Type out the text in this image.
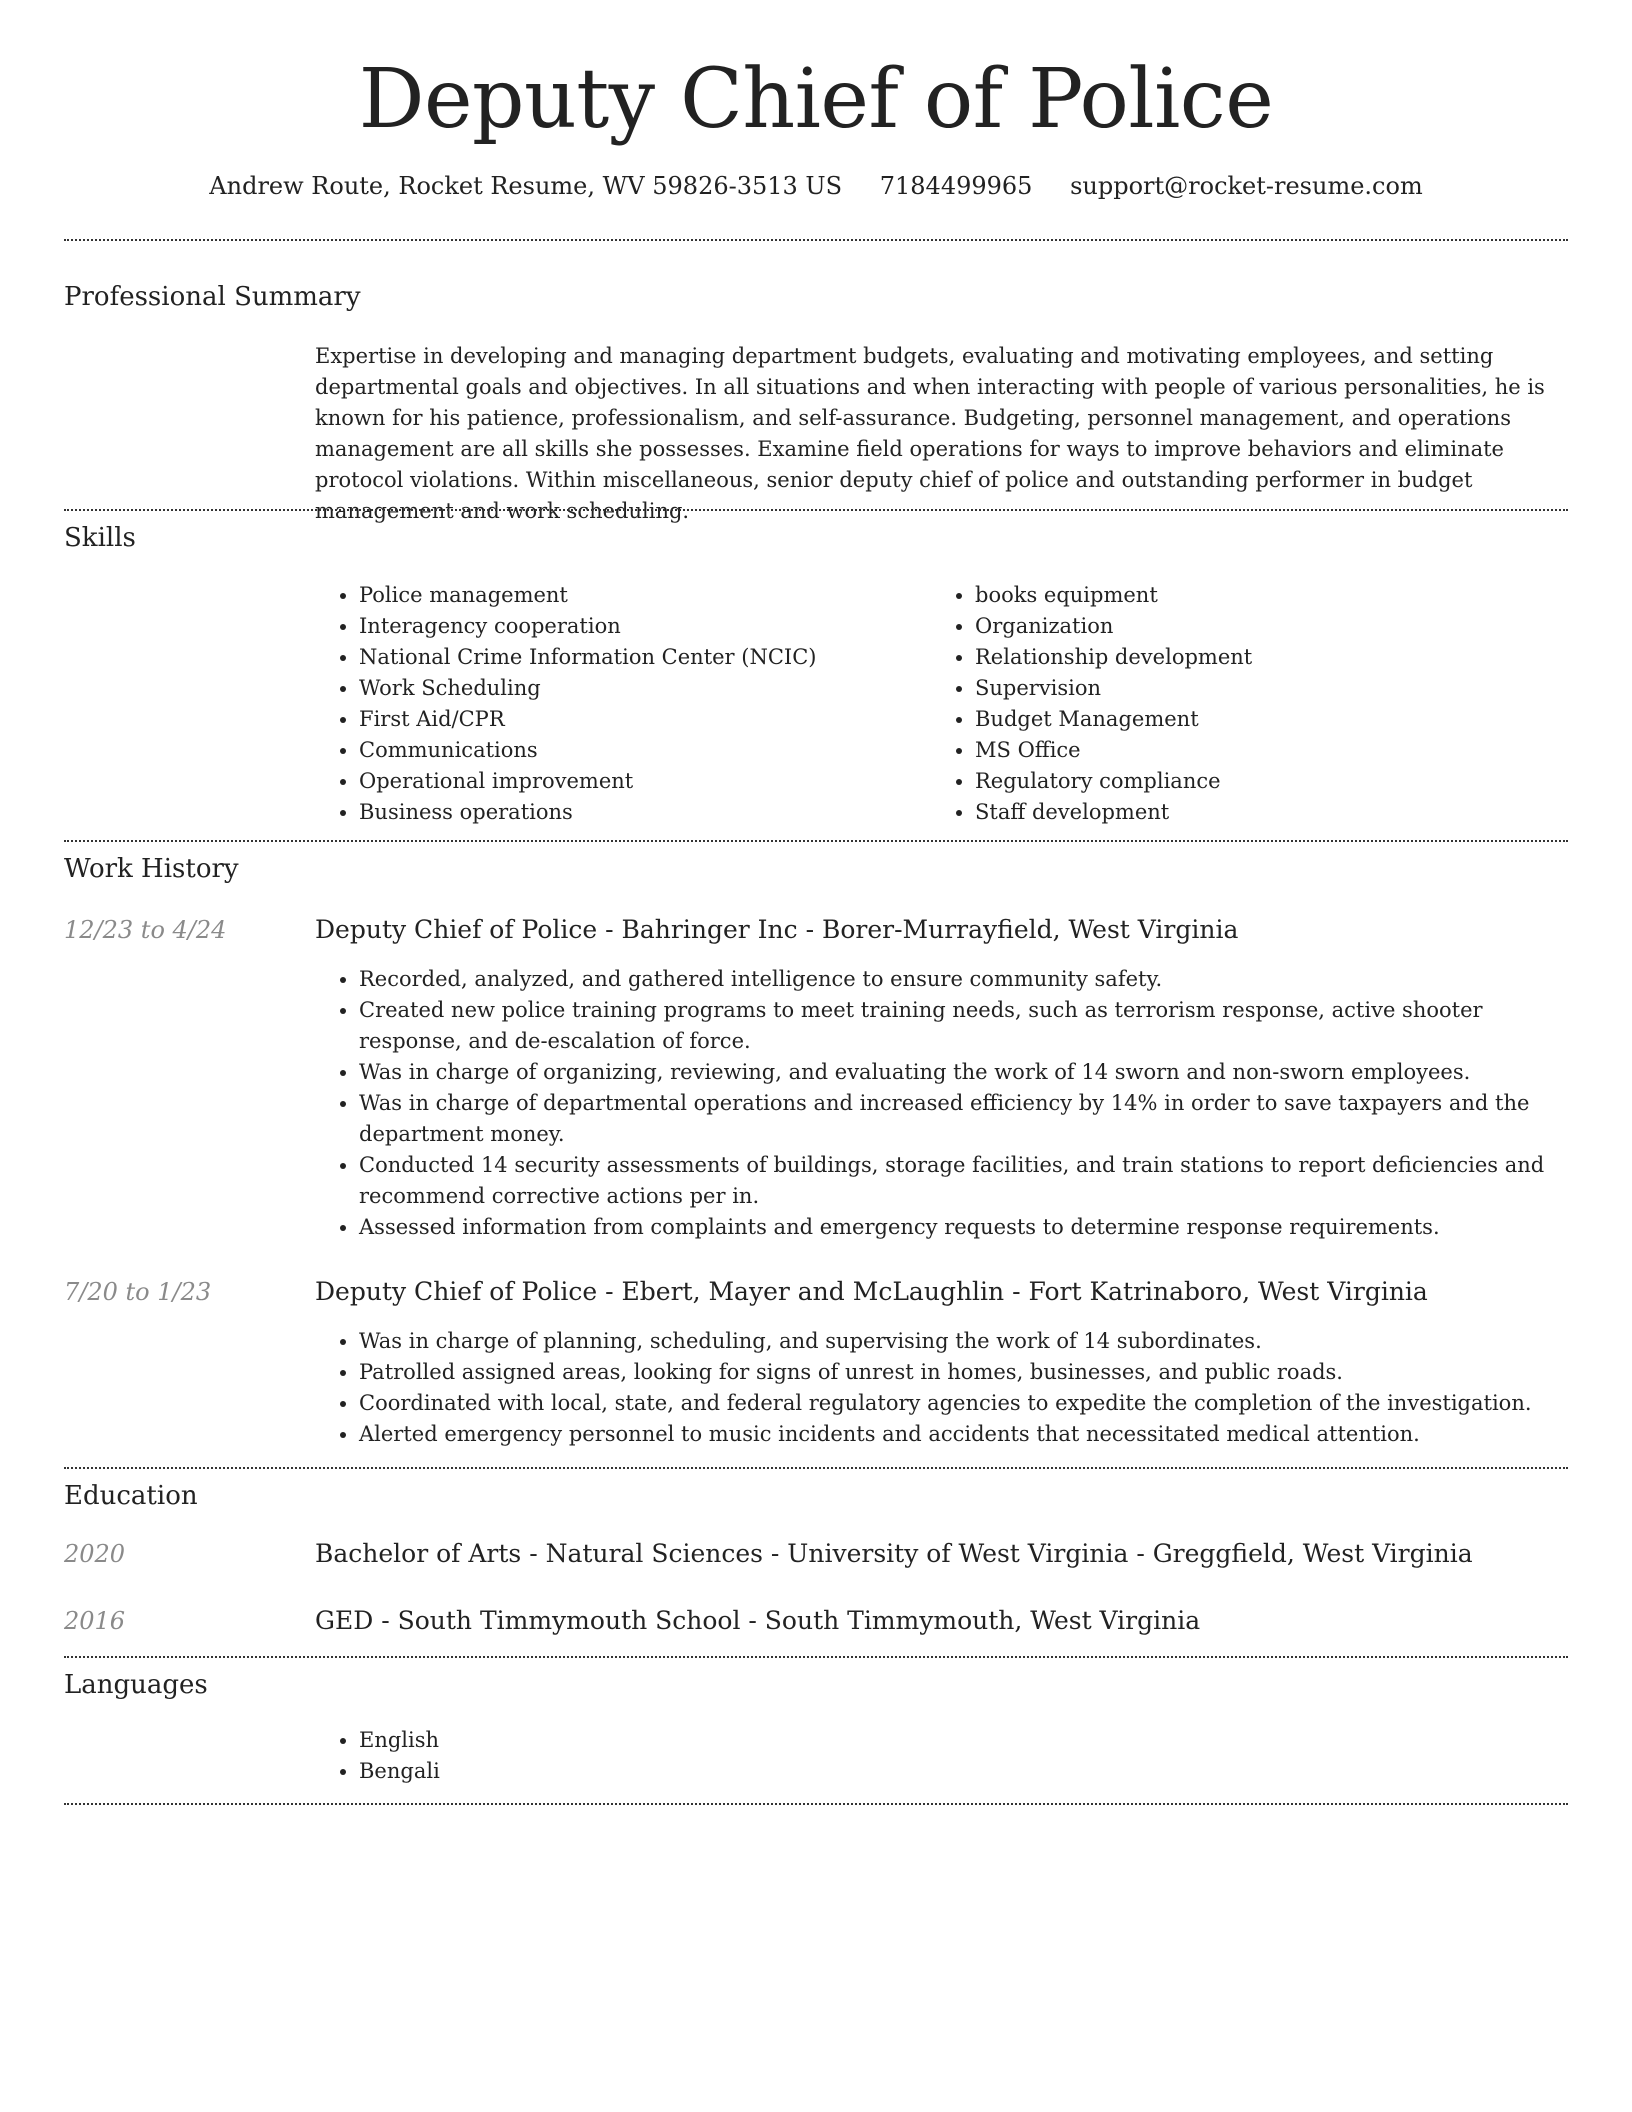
Deputy Chief of Police
Andrew Route, Rocket Resume, WV 59826-3513 US 7184499965 support@rocket-resume.com
Professional Summary

Expertise in developing and managing department budgets, evaluating and motivating employees, and setting departmental goals and objectives. In all situations and when interacting with people of various personalities, he is known for his patience, professionalism, and self-assurance. Budgeting, personnel management, and operations management are all skills she possesses. Examine field operations for ways to improve behaviors and eliminate protocol violations. Within miscellaneous, senior deputy chief of police and outstanding performer in budget management and work scheduling.

Skills
• Police management
• Interagency cooperation
• National Crime Information Center (NCIC)
• Work Scheduling
• First Aid/CPR
• Communications
• Operational improvement
• Business operations
• books equipment
• Organization
• Relationship development
• Supervision
• Budget Management
• MS Office
• Regulatory compliance
• Staff development
Work History
12/23 to 4/24	Deputy Chief of Police - Bahringer Inc - Borer-Murrayfield, West Virginia
• Recorded, analyzed, and gathered intelligence to ensure community safety.
• Created new police training programs to meet training needs, such as terrorism response, active shooter response, and de-escalation of force.
• Was in charge of organizing, reviewing, and evaluating the work of 14 sworn and non-sworn employees.
• Was in charge of departmental operations and increased efficiency by 14% in order to save taxpayers and the department money.
• Conducted 14 security assessments of buildings, storage facilities, and train stations to report deficiencies and recommend corrective actions per in.
• Assessed information from complaints and emergency requests to determine response requirements.
7/20 to 1/23	Deputy Chief of Police - Ebert, Mayer and McLaughlin - Fort Katrinaboro, West Virginia
• Was in charge of planning, scheduling, and supervising the work of 14 subordinates.
• Patrolled assigned areas, looking for signs of unrest in homes, businesses, and public roads.
• Coordinated with local, state, and federal regulatory agencies to expedite the completion of the investigation.
• Alerted emergency personnel to music incidents and accidents that necessitated medical attention.
Education
2020	Bachelor of Arts - Natural Sciences - University of West Virginia - Greggfield, West Virginia
2016	GED - South Timmymouth School - South Timmymouth, West Virginia
Languages
• English
• Bengali
